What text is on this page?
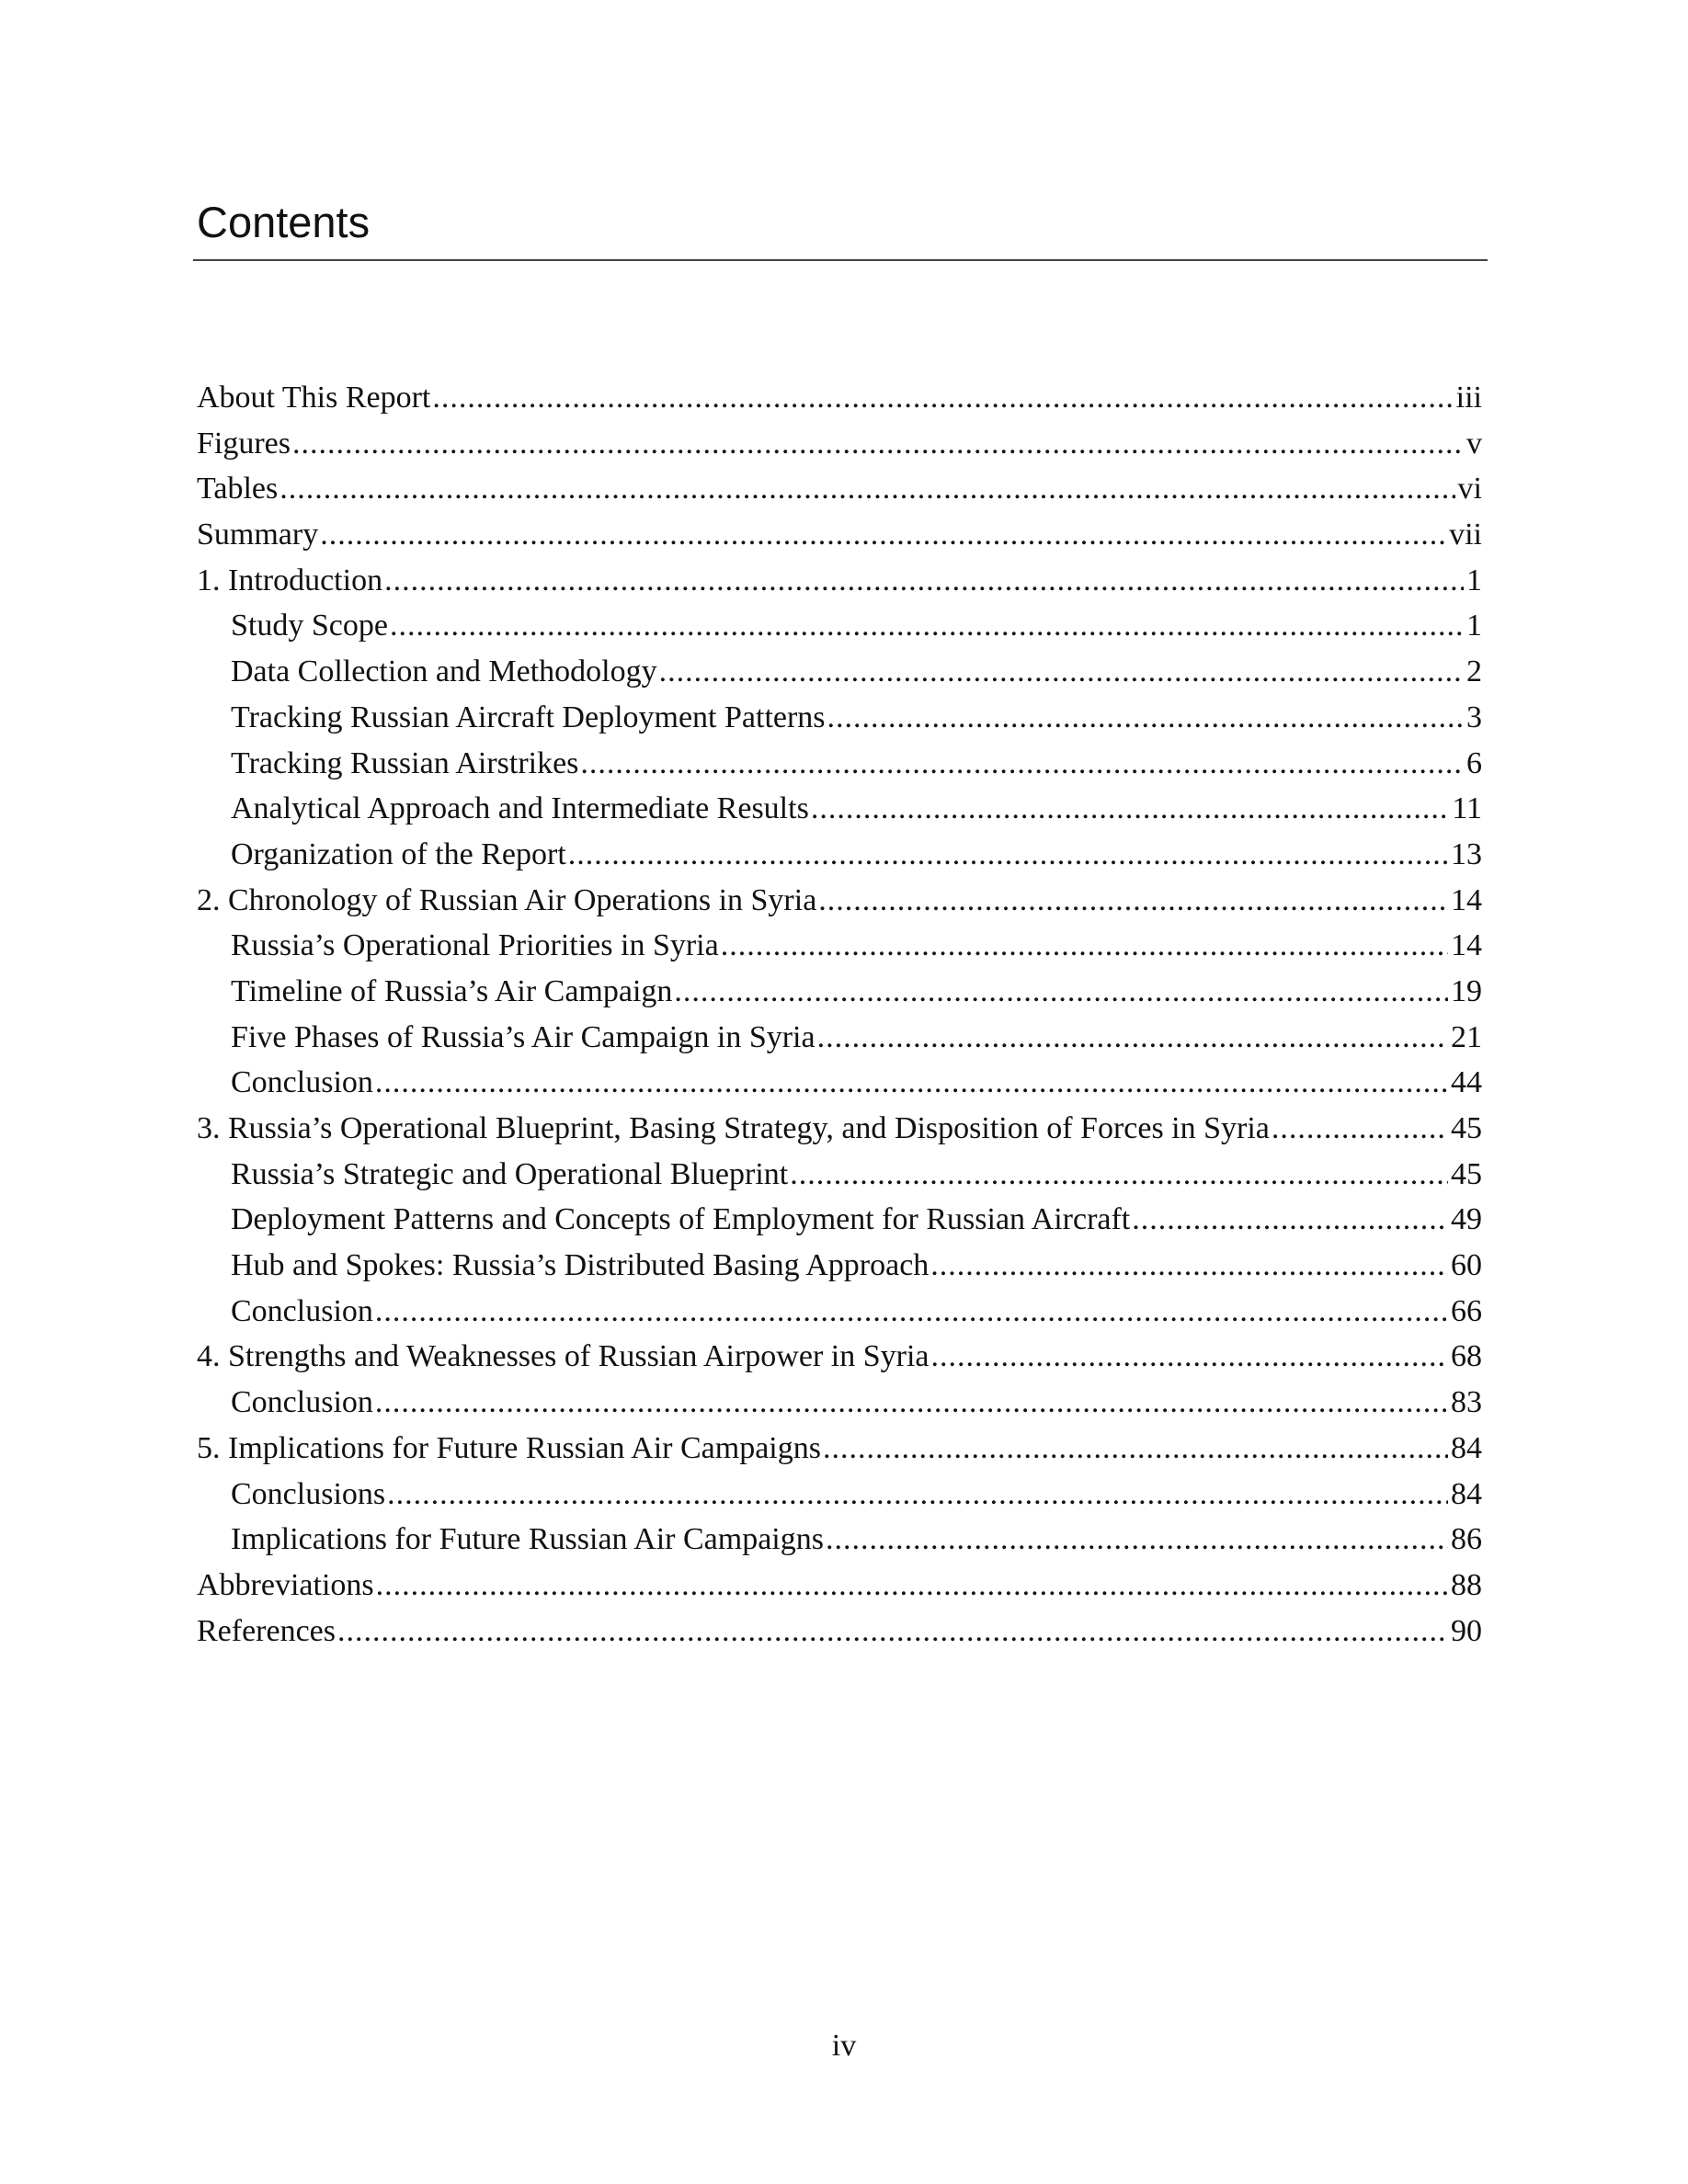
Contents
About This Report .....	iii
Figures .....	v
Tables .....	vi
Summary .....	vii
1. Introduction .....	1
Study Scope .....	1
Data Collection and Methodology .....	2
Tracking Russian Aircraft Deployment Patterns .....	3
Tracking Russian Airstrikes .....	6
Analytical Approach and Intermediate Results .....	11
Organization of the Report .....	13
2. Chronology of Russian Air Operations in Syria .....	14
Russia’s Operational Priorities in Syria .....	14
Timeline of Russia’s Air Campaign .....	19
Five Phases of Russia’s Air Campaign in Syria .....	21
Conclusion .....	44
3. Russia’s Operational Blueprint, Basing Strategy, and Disposition of Forces in Syria .....	45
Russia’s Strategic and Operational Blueprint .....	45
Deployment Patterns and Concepts of Employment for Russian Aircraft .....	49
Hub and Spokes: Russia’s Distributed Basing Approach .....	60
Conclusion .....	66
4. Strengths and Weaknesses of Russian Airpower in Syria .....	68
Conclusion .....	83
5. Implications for Future Russian Air Campaigns .....	84
Conclusions .....	84
Implications for Future Russian Air Campaigns .....	86
Abbreviations .....	88
References .....	90
iv
